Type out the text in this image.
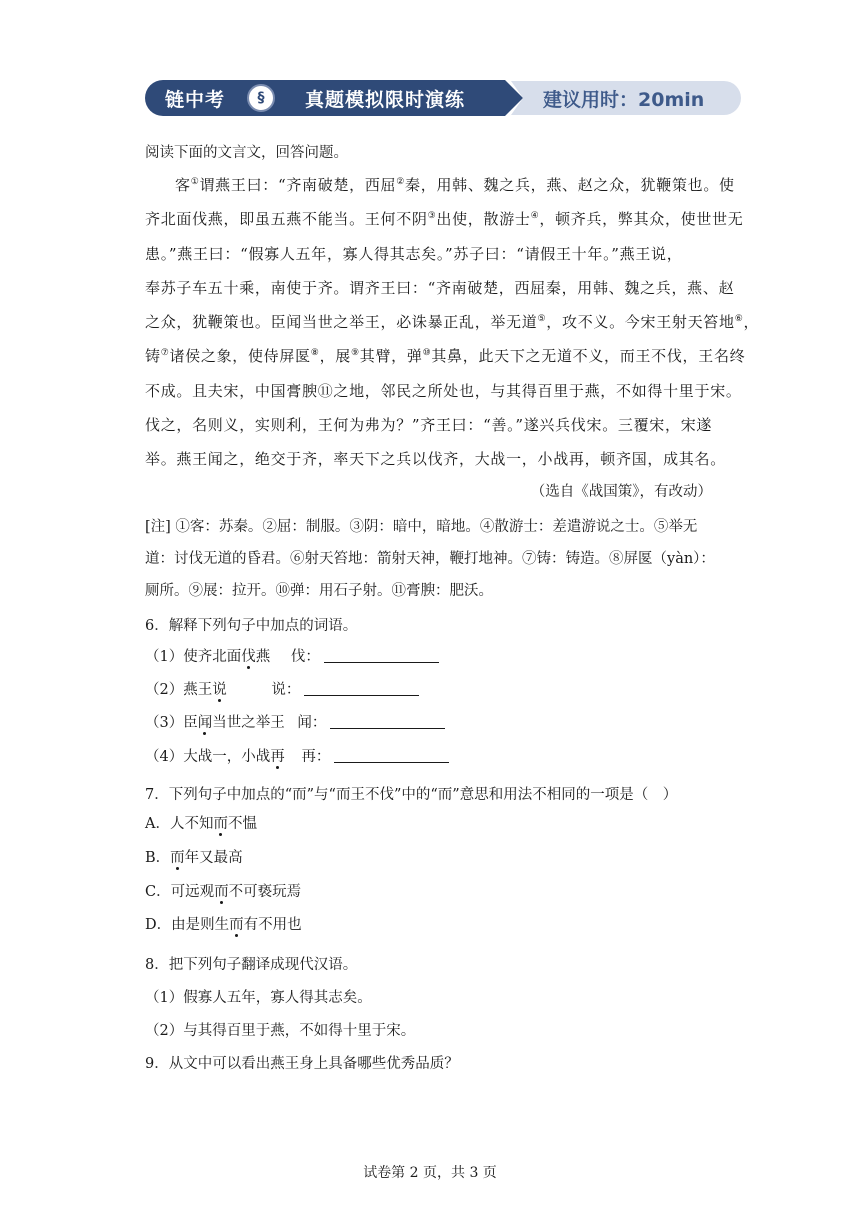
链中考	§	真题模拟限时演练	建议用时：20min
阅读下面的文言文，回答问题。
客①谓燕王曰：“齐南破楚，西屈②秦，用韩、魏之兵，燕、赵之众，犹鞭策也。使
齐北面伐燕，即虽五燕不能当。王何不阴③出使，散游士④，顿齐兵，弊其众，使世世无
患。”燕王曰：“假寡人五年，寡人得其志矣。”苏子曰：“请假王十年。”燕王说，
奉苏子车五十乘，南使于齐。谓齐王曰：“齐南破楚，西屈秦，用韩、魏之兵，燕、赵
之众，犹鞭策也。臣闻当世之举王，必诛暴正乱，举无道⑤，攻不义。今宋王射天笞地⑥，
铸⑦诸侯之象，使侍屏匽⑧，展⑨其臂，弹⑩其鼻，此天下之无道不义，而王不伐，王名终
不成。且夫宋，中国膏腴⑪之地，邻民之所处也，与其得百里于燕，不如得十里于宋。
伐之，名则义，实则利，王何为弗为？”齐王曰：“善。”遂兴兵伐宋。三覆宋，宋遂
举。燕王闻之，绝交于齐，率天下之兵以伐齐，大战一，小战再，顿齐国，成其名。
（选自《战国策》，有改动）
[注] ①客：苏秦。②屈：制服。③阴：暗中，暗地。④散游士：差遣游说之士。⑤举无
道：讨伐无道的昏君。⑥射天笞地：箭射天神，鞭打地神。⑦铸：铸造。⑧屏匽（yàn）：
厕所。⑨展：拉开。⑩弹：用石子射。⑪膏腴：肥沃。
6．解释下列句子中加点的词语。
（1）使齐北面伐燕 伐：
（2）燕王说	说：
（3）臣闻当世之举王 闻：
（4）大战一，小战再 再：
7．下列句子中加点的“而”与“而王不伐”中的“而”意思和用法不相同的一项是（　）
A．人不知而不愠
B．而年又最高
C．可远观而不可亵玩焉
D．由是则生而有不用也
8．把下列句子翻译成现代汉语。
（1）假寡人五年，寡人得其志矣。
（2）与其得百里于燕，不如得十里于宋。
9．从文中可以看出燕王身上具备哪些优秀品质？
试卷第 2 页，共 3 页
